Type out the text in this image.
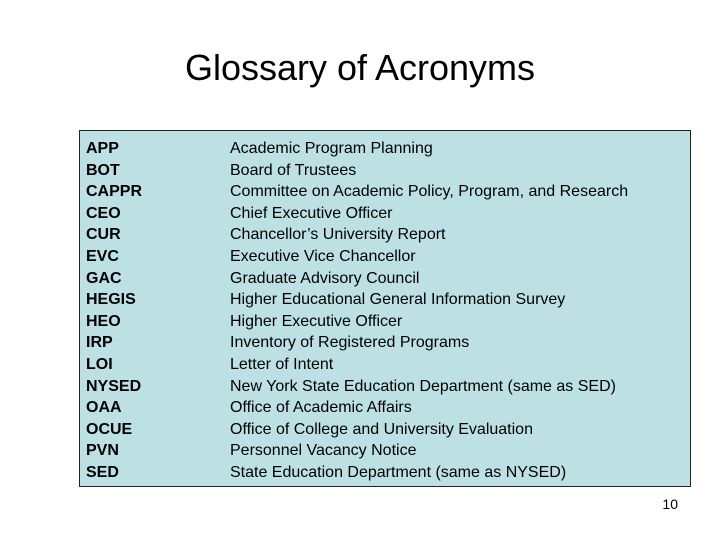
Glossary of Acronyms
APP
BOT
CAPPR
CEO
CUR
EVC
GAC
HEGIS
HEO
IRP
LOI
NYSED
OAA
OCUE
PVN
SED
Academic Program Planning
Board of Trustees
Committee on Academic Policy, Program, and Research
Chief Executive Officer
Chancellor’s University Report
Executive Vice Chancellor
Graduate Advisory Council
Higher Educational General Information Survey
Higher Executive Officer
Inventory of Registered Programs
Letter of Intent
New York State Education Department (same as SED)
Office of Academic Affairs
Office of College and University Evaluation
Personnel Vacancy Notice
State Education Department (same as NYSED)
10
